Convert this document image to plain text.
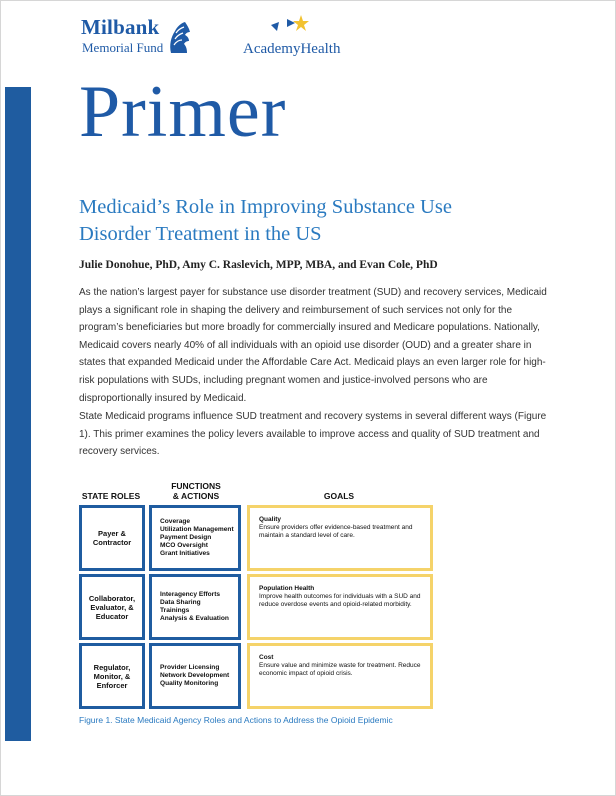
Milbank
Memorial Fund	AcademyHealth
Primer
Medicaid’s Role in Improving Substance Use Disorder Treatment in the US
Julie Donohue, PhD, Amy C. Raslevich, MPP, MBA, and Evan Cole, PhD

As the nation’s largest payer for substance use disorder treatment (SUD) and recovery services, Medicaid plays a significant role in shaping the delivery and reimbursement of such services not only for the program’s beneficiaries but more broadly for commercially insured and Medicare populations. Nationally, Medicaid covers nearly 40% of all individuals with an opioid use disorder (OUD) and a greater share in states that expanded Medicaid under the Affordable Care Act. Medicaid plays an even larger role for high-risk populations with SUDs, including pregnant women and justice-involved persons who are disproportionally insured by Medicaid.

State Medicaid programs influence SUD treatment and recovery systems in several different ways (Figure 1). This primer examines the policy levers available to improve access and quality of SUD treatment and recovery services.

STATE ROLES
FUNCTIONS
& ACTIONS	GOALS
Payer & Contractor
Coverage
Utilization Management
Payment Design
MCO Oversight
Grant Initiatives
Quality
Ensure providers offer evidence-based treatment and maintain a standard level of care.
Collaborator, Evaluator, & Educator
Interagency Efforts
Data Sharing
Trainings
Analysis & Evaluation
Population Health
Improve health outcomes for individuals with a SUD and reduce overdose events and opioid-related morbidity.
Regulator, Monitor, & Enforcer
Provider Licensing
Network Development
Quality Monitoring
Cost
Ensure value and minimize waste for treatment. Reduce economic impact of opioid crisis.
Figure 1. State Medicaid Agency Roles and Actions to Address the Opioid Epidemic
